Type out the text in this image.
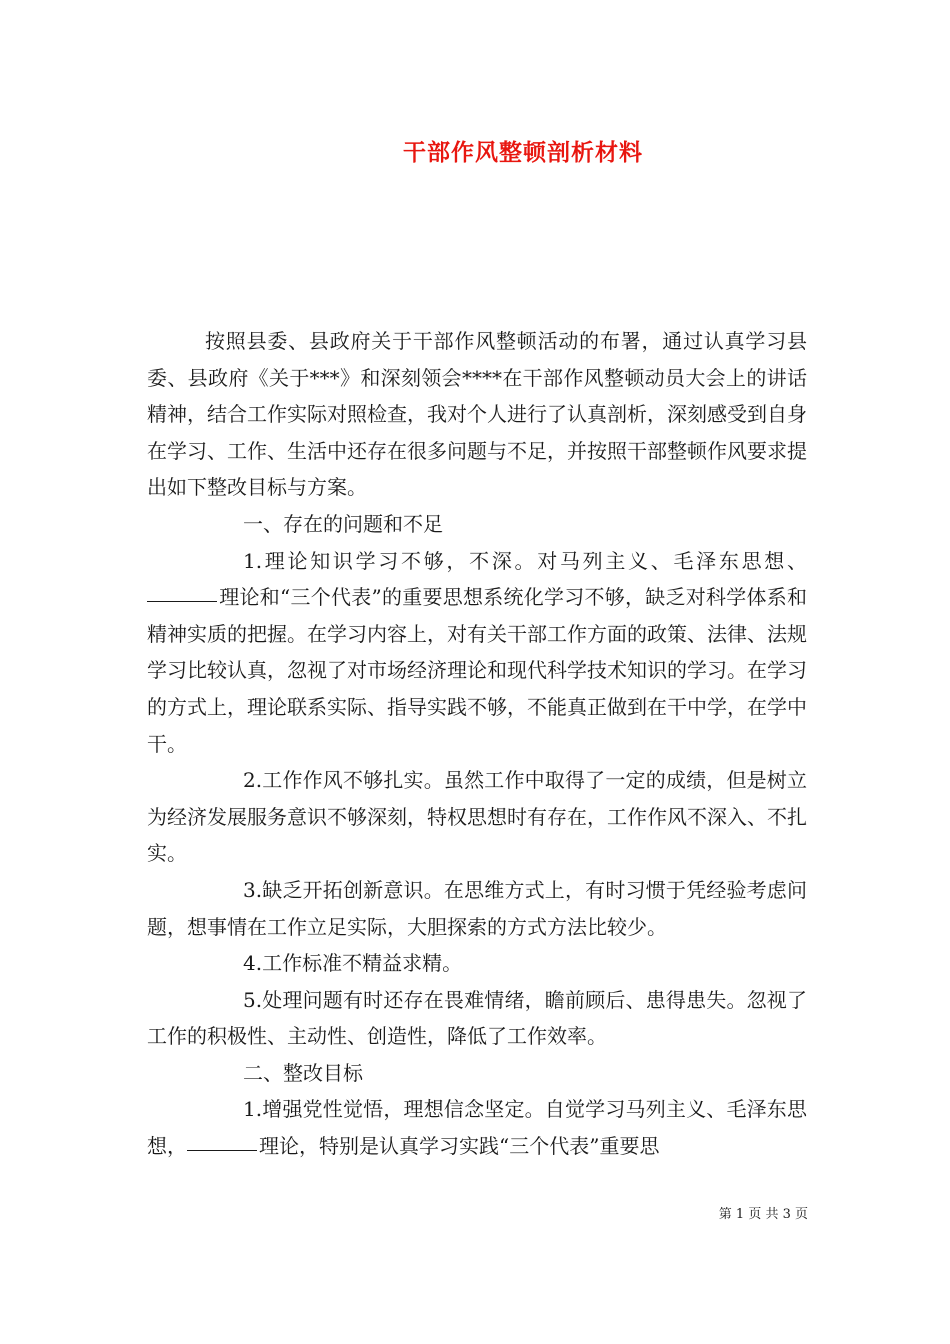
干部作风整顿剖析材料

按照县委、县政府关于干部作风整顿活动的布署，通过认真学习县委、县政府《关于***》和深刻领会****在干部作风整顿动员大会上的讲话精神，结合工作实际对照检查，我对个人进行了认真剖析，深刻感受到自身在学习、工作、生活中还存在很多问题与不足，并按照干部整顿作风要求提出如下整改目标与方案。

一、存在的问题和不足

1.理论知识学习不够，不深。对马列主义、毛泽东思想、理论和“三个代表”的重要思想系统化学习不够，缺乏对科学体系和精神实质的把握。在学习内容上，对有关干部工作方面的政策、法律、法规学习比较认真，忽视了对市场经济理论和现代科学技术知识的学习。在学习的方式上，理论联系实际、指导实践不够，不能真正做到在干中学，在学中干。

2.工作作风不够扎实。虽然工作中取得了一定的成绩，但是树立为经济发展服务意识不够深刻，特权思想时有存在，工作作风不深入、不扎实。

3.缺乏开拓创新意识。在思维方式上，有时习惯于凭经验考虑问题，想事情在工作立足实际，大胆探索的方式方法比较少。

4.工作标准不精益求精。

5.处理问题有时还存在畏难情绪，瞻前顾后、患得患失。忽视了工作的积极性、主动性、创造性，降低了工作效率。

二、整改目标

1.增强党性觉悟，理想信念坚定。自觉学习马列主义、毛泽东思想，	理论，特别是认真学习实践“三个代表”重要思

第 1 页 共 3 页
